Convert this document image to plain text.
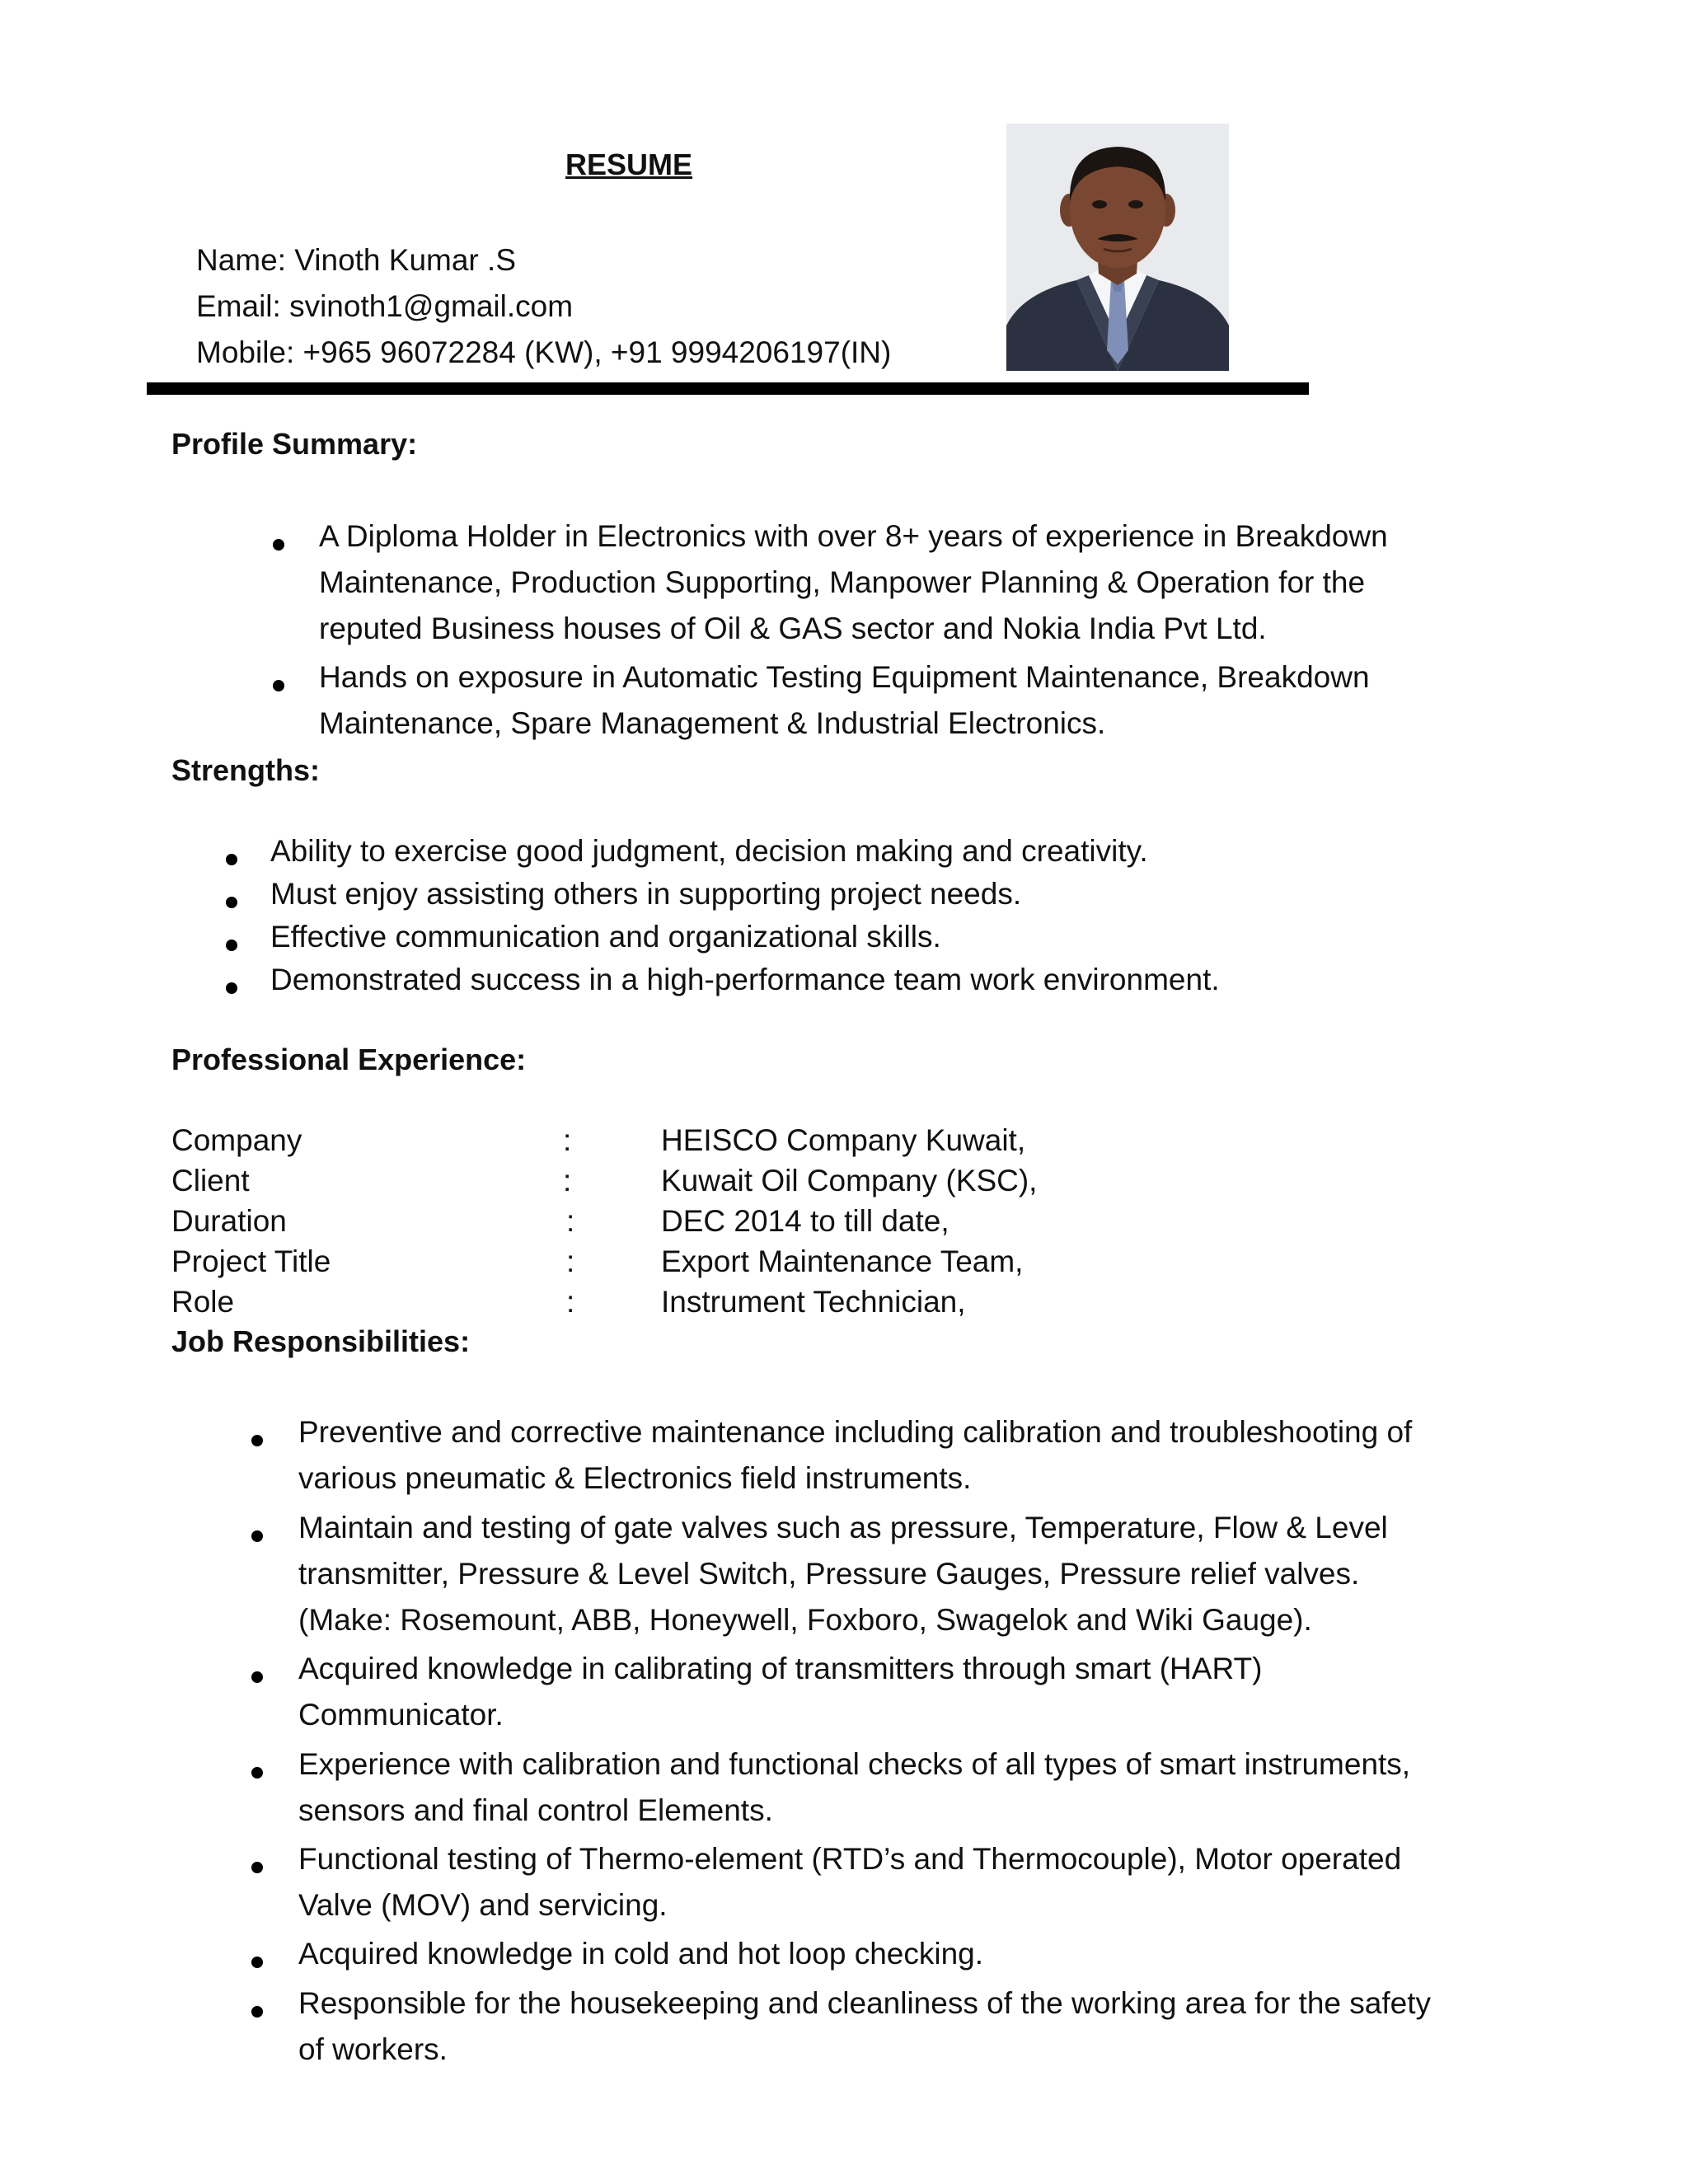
RESUME
Name: Vinoth Kumar .S
Email: svinoth1@gmail.com
Mobile: +965 96072284 (KW), +91 9994206197(IN)
Profile Summary:
A Diploma Holder in Electronics with over 8+ years of experience in Breakdown
Maintenance, Production Supporting, Manpower Planning & Operation for the
reputed Business houses of Oil & GAS sector and Nokia India Pvt Ltd.
Hands on exposure in Automatic Testing Equipment Maintenance, Breakdown
Maintenance, Spare Management & Industrial Electronics.
Strengths:
Ability to exercise good judgment, decision making and creativity.
Must enjoy assisting others in supporting project needs.
Effective communication and organizational skills.
Demonstrated success in a high-performance team work environment.
Professional Experience:
Company	:	HEISCO Company Kuwait,
Client	:	Kuwait Oil Company (KSC),
Duration	:	DEC 2014 to till date,
Project Title	:	Export Maintenance Team,
Role	:	Instrument Technician,
Job Responsibilities:
Preventive and corrective maintenance including calibration and troubleshooting of
various pneumatic & Electronics field instruments.
Maintain and testing of gate valves such as pressure, Temperature, Flow & Level
transmitter, Pressure & Level Switch, Pressure Gauges, Pressure relief valves.
(Make: Rosemount, ABB, Honeywell, Foxboro, Swagelok and Wiki Gauge).
Acquired knowledge in calibrating of transmitters through smart (HART)
Communicator.
Experience with calibration and functional checks of all types of smart instruments,
sensors and final control Elements.
Functional testing of Thermo-element (RTD’s and Thermocouple), Motor operated
Valve (MOV) and servicing.
Acquired knowledge in cold and hot loop checking.
Responsible for the housekeeping and cleanliness of the working area for the safety
of workers.
